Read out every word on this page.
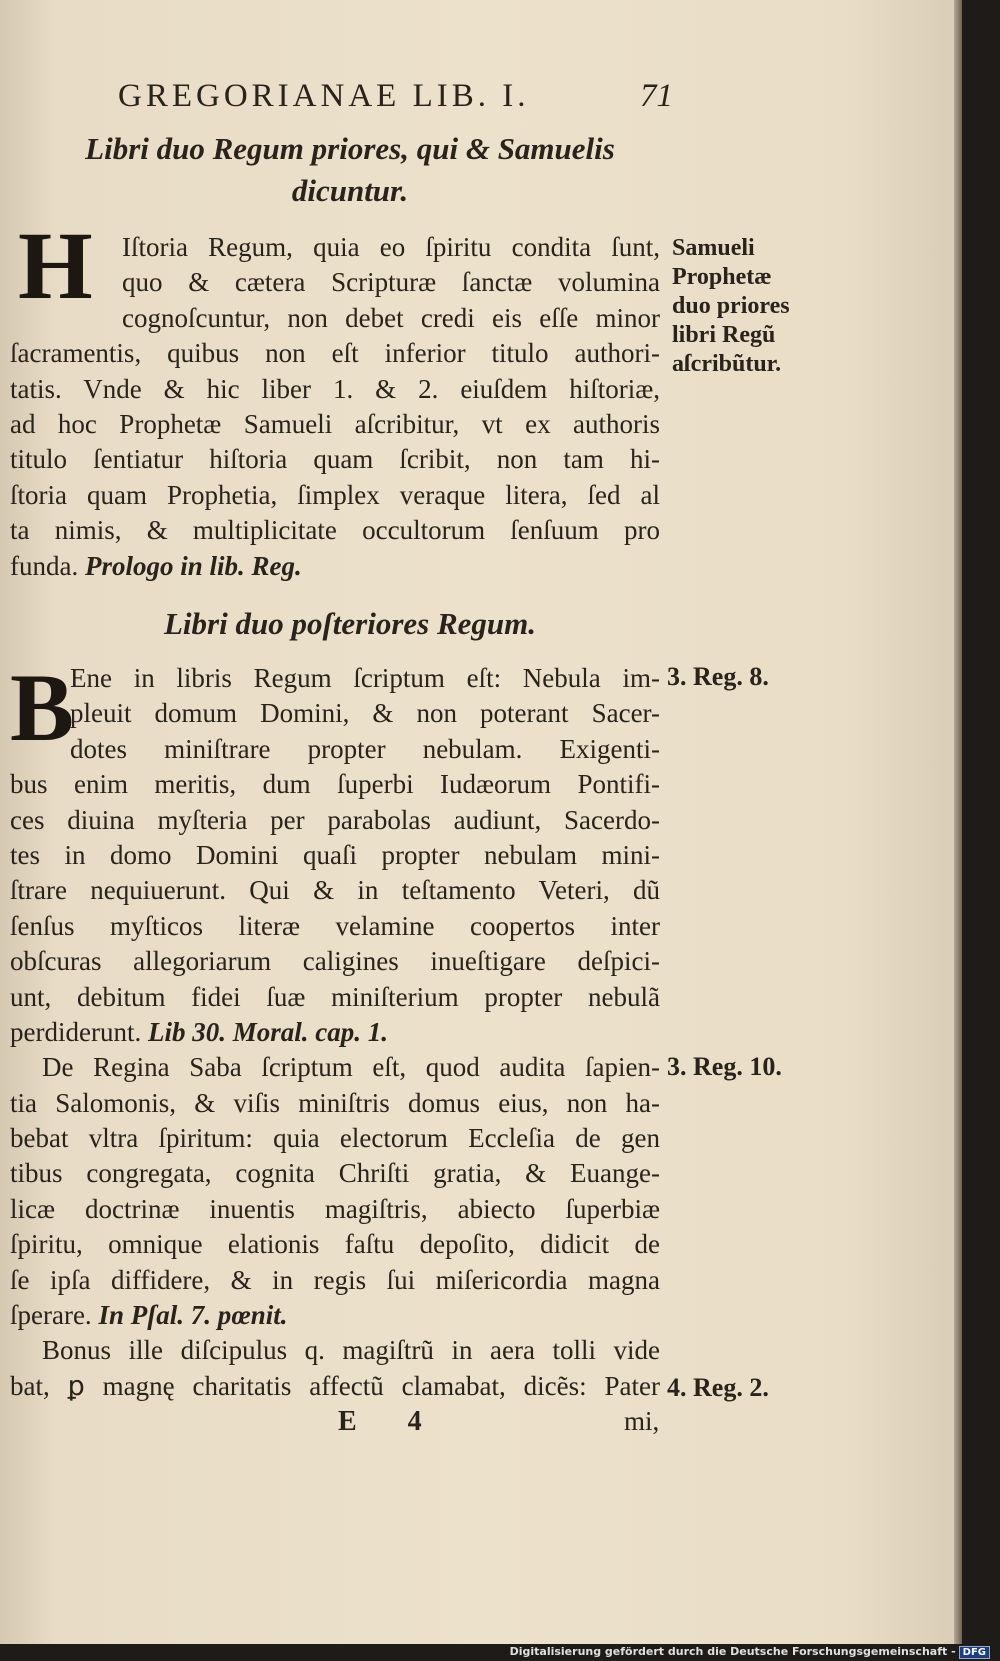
GREGORIANAE LIB. I.	71
Libri duo Regum priores, qui & Samuelis
dicuntur.
H	Iſtoria Regum, quia eo ſpiritu condita ſunt,
quo & cætera Scripturæ ſanctæ volumina
cognoſcuntur, non debet credi eis eſſe minor
ſacramentis, quibus non eſt inferior titulo authori-
tatis. Vnde & hic liber 1. & 2. eiuſdem hiſtoriæ,
ad hoc Prophetæ Samueli aſcribitur, vt ex authoris
titulo ſentiatur hiſtoria quam ſcribit, non tam hi-
ſtoria quam Prophetia, ſimplex veraque litera, ſed al
ta nimis, & multiplicitate occultorum ſenſuum pro
funda. Prologo in lib. Reg.
Samueli
Prophetæ
duo priores
libri Regũ
aſcribũtur.
Libri duo poſteriores Regum.
B
Ene in libris Regum ſcriptum eſt: Nebula im-
pleuit domum Domini, & non poterant Sacer-
dotes miniſtrare propter nebulam. Exigenti-
bus enim meritis, dum ſuperbi Iudæorum Pontifi-
ces diuina myſteria per parabolas audiunt, Sacerdo-
tes in domo Domini quaſi propter nebulam mini-
ſtrare nequiuerunt. Qui & in teſtamento Veteri, dũ
ſenſus myſticos literæ velamine coopertos inter
obſcuras allegoriarum caligines inueſtigare deſpici-
unt, debitum fidei ſuæ miniſterium propter nebulã
perdiderunt. Lib 30. Moral. cap. 1.
De Regina Saba ſcriptum eſt, quod audita ſapien-
tia Salomonis, & viſis miniſtris domus eius, non ha-
bebat vltra ſpiritum: quia electorum Eccleſia de gen
tibus congregata, cognita Chriſti gratia, & Euange-
licæ doctrinæ inuentis magiſtris, abiecto ſuperbiæ
ſpiritu, omnique elationis faſtu depoſito, didicit de
ſe ipſa diffidere, & in regis ſui miſericordia magna
ſperare. In Pſal. 7. pœnit.
Bonus ille diſcipulus q. magiſtrũ in aera tolli vide
bat, ꝑ magnę charitatis affectũ clamabat, dicẽs: Pater
3. Reg. 8.
3. Reg. 10.
4. Reg. 2.
E 4	mi,
Digitalisierung gefördert durch die Deutsche Forschungsgemeinschaft - DFG
